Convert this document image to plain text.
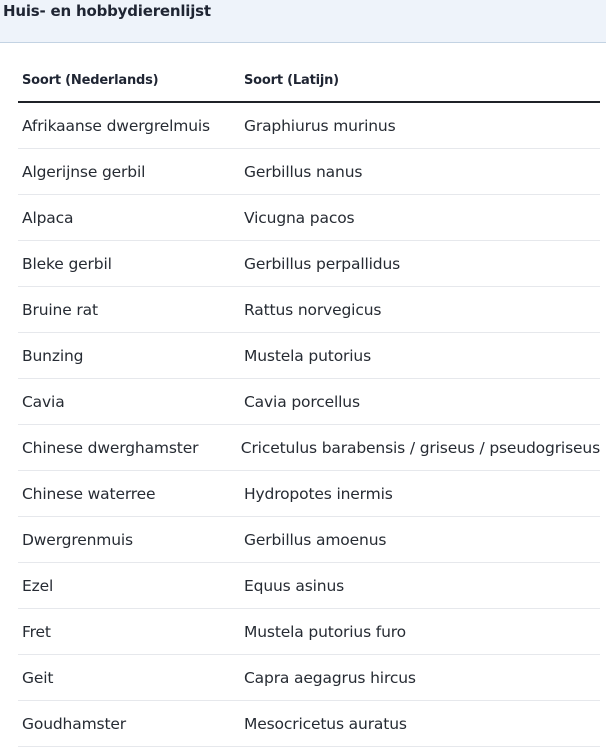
Huis- en hobbydierenlijst
Soort (Nederlands)	Soort (Latijn)
Afrikaanse dwergrelmuis	Graphiurus murinus
Algerijnse gerbil	Gerbillus nanus
Alpaca	Vicugna pacos
Bleke gerbil	Gerbillus perpallidus
Bruine rat	Rattus norvegicus
Bunzing	Mustela putorius
Cavia	Cavia porcellus
Chinese dwerghamster	Cricetulus barabensis / griseus / pseudogriseus
Chinese waterree	Hydropotes inermis
Dwergrenmuis	Gerbillus amoenus
Ezel	Equus asinus
Fret	Mustela putorius furo
Geit	Capra aegagrus hircus
Goudhamster	Mesocricetus auratus
